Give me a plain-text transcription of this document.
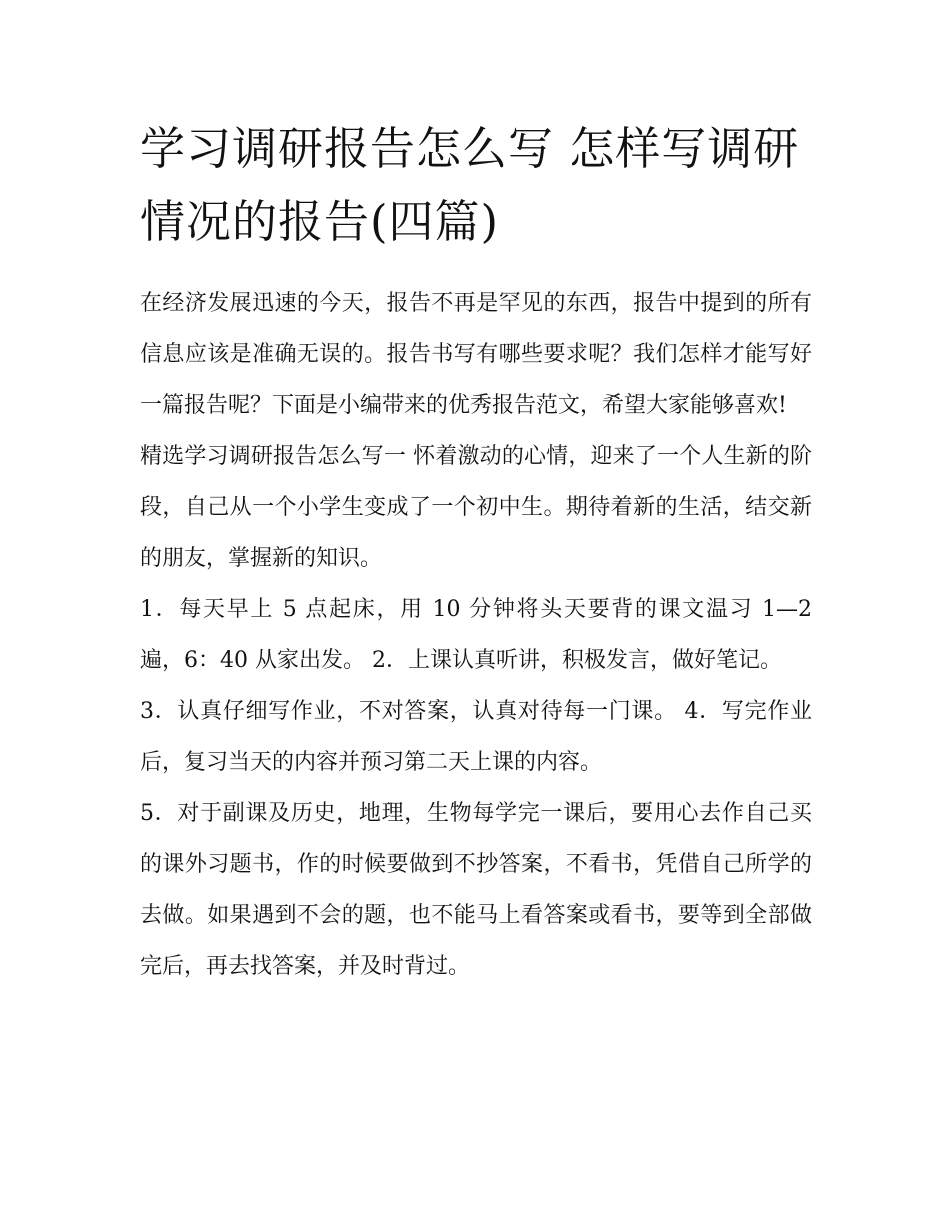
学习调研报告怎么写 怎样写调研情况的报告(四篇)

在经济发展迅速的今天，报告不再是罕见的东西，报告中提到的所有信息应该是准确无误的。报告书写有哪些要求呢？我们怎样才能写好一篇报告呢？下面是小编带来的优秀报告范文，希望大家能够喜欢!

精选学习调研报告怎么写一 怀着激动的心情，迎来了一个人生新的阶段，自己从一个小学生变成了一个初中生。期待着新的生活，结交新的朋友，掌握新的知识。

1．每天早上 5 点起床，用 10 分钟将头天要背的课文温习 1—2 遍，6：40 从家出发。 2．上课认真听讲，积极发言，做好笔记。

3．认真仔细写作业，不对答案，认真对待每一门课。 4．写完作业后，复习当天的内容并预习第二天上课的内容。

5．对于副课及历史，地理，生物每学完一课后，要用心去作自己买的课外习题书，作的时候要做到不抄答案，不看书，凭借自己所学的去做。如果遇到不会的题，也不能马上看答案或看书，要等到全部做完后，再去找答案，并及时背过。
